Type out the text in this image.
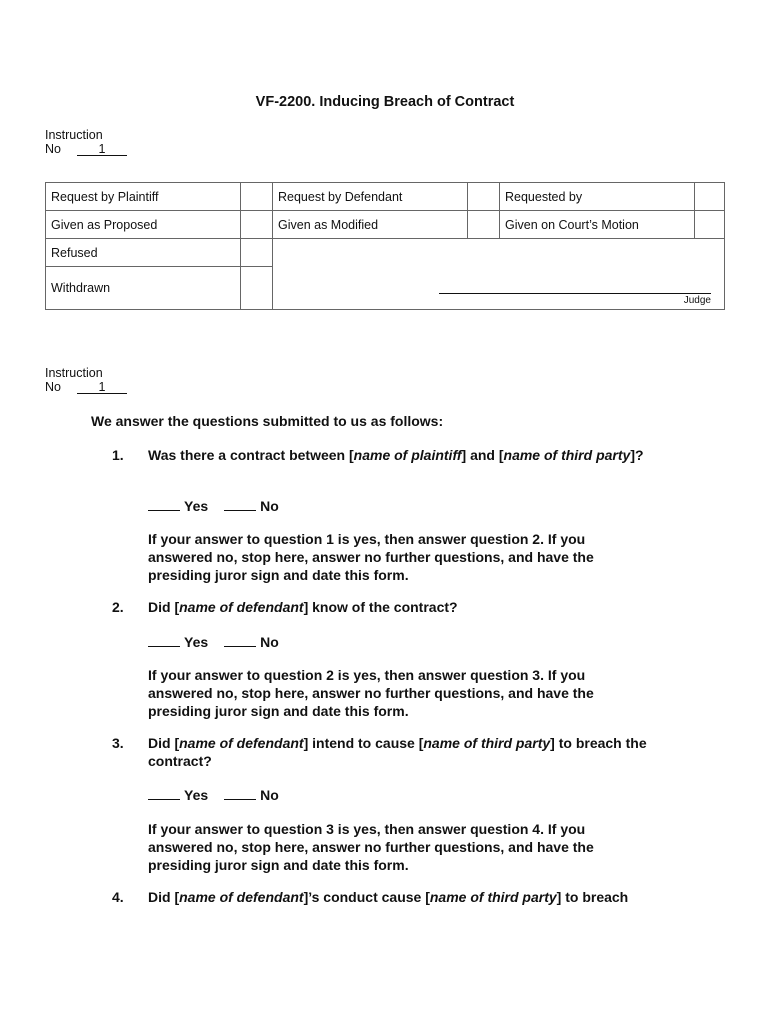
VF-2200. Inducing Breach of Contract
Instruction
No	1
Request by Plaintiff	Request by Defendant	Requested by
Given as Proposed	Given as Modified	Given on Court’s Motion
Refused
Withdrawn
Judge
Instruction
No	1
We answer the questions submitted to us as follows:
1. Was there a contract between [name of plaintiff] and [name of third party]?
Yes	No
If your answer to question 1 is yes, then answer question 2. If you
answered no, stop here, answer no further questions, and have the
presiding juror sign and date this form.
2. Did [name of defendant] know of the contract?
Yes	No
If your answer to question 2 is yes, then answer question 3. If you
answered no, stop here, answer no further questions, and have the
presiding juror sign and date this form.
3. Did [name of defendant] intend to cause [name of third party] to breach the contract?
Yes	No
If your answer to question 3 is yes, then answer question 4. If you
answered no, stop here, answer no further questions, and have the
presiding juror sign and date this form.
4. Did [name of defendant]’s conduct cause [name of third party] to breach
